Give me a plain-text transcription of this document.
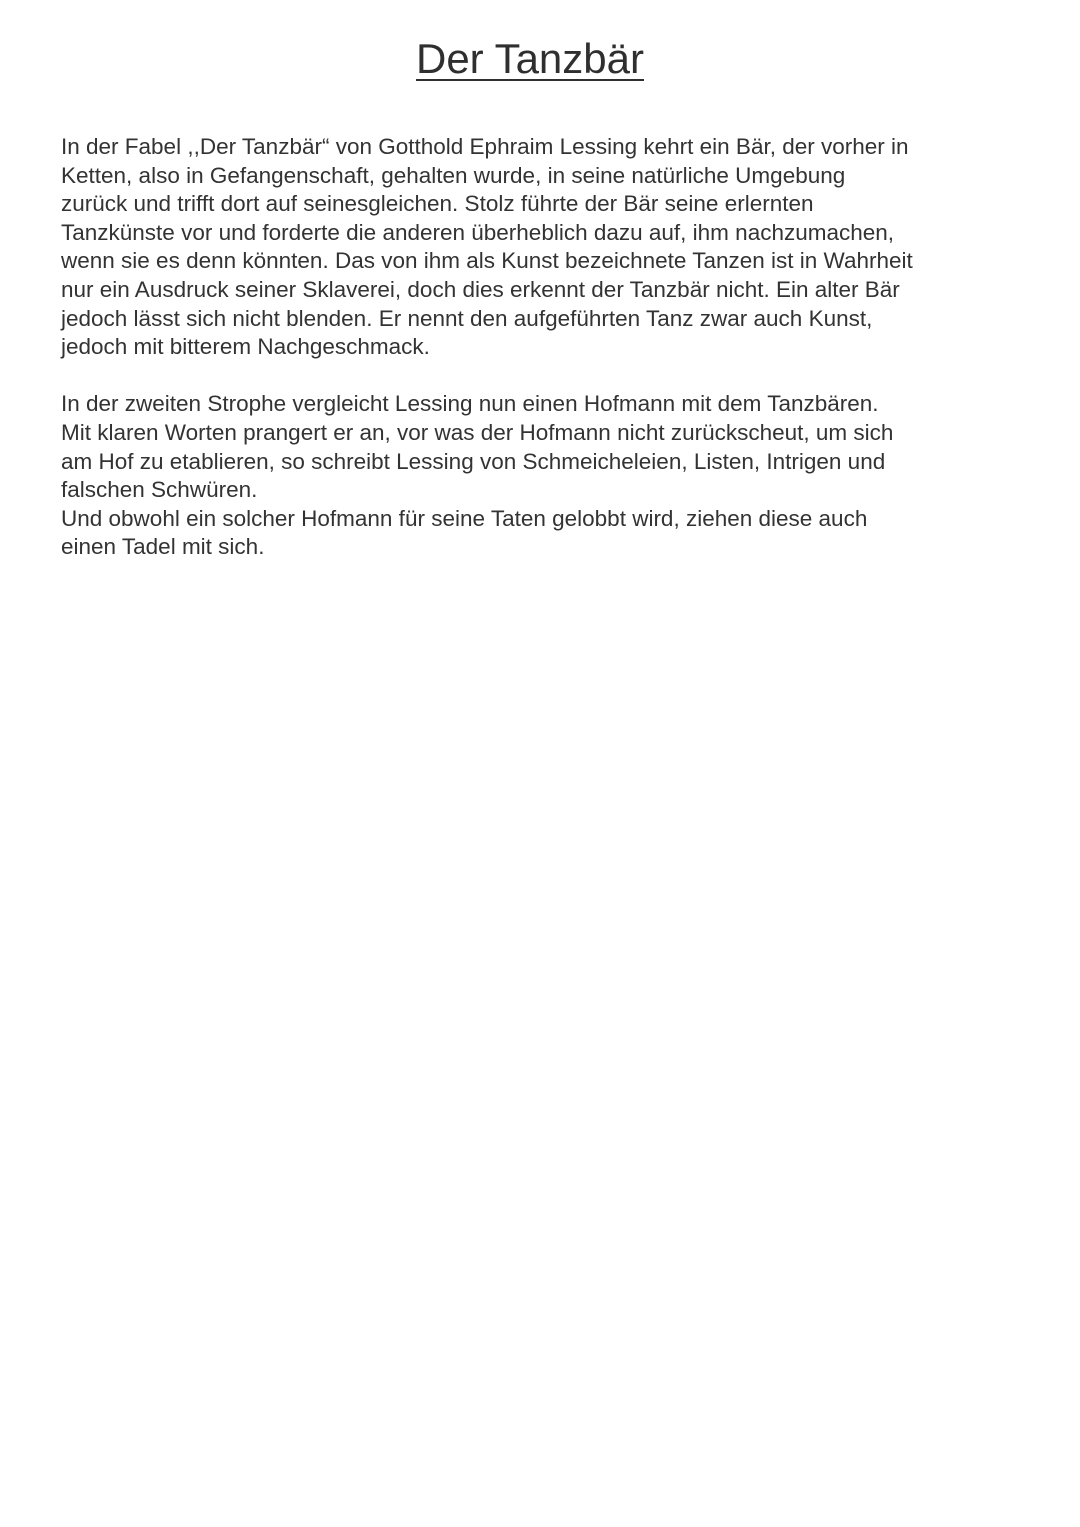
Der Tanzbär
In der Fabel ,,Der Tanzbär“ von Gotthold Ephraim Lessing kehrt ein Bär, der vorher in
Ketten, also in Gefangenschaft, gehalten wurde, in seine natürliche Umgebung
zurück und trifft dort auf seinesgleichen. Stolz führte der Bär seine erlernten
Tanzkünste vor und forderte die anderen überheblich dazu auf, ihm nachzumachen,
wenn sie es denn könnten. Das von ihm als Kunst bezeichnete Tanzen ist in Wahrheit
nur ein Ausdruck seiner Sklaverei, doch dies erkennt der Tanzbär nicht. Ein alter Bär
jedoch lässt sich nicht blenden. Er nennt den aufgeführten Tanz zwar auch Kunst,
jedoch mit bitterem Nachgeschmack.
In der zweiten Strophe vergleicht Lessing nun einen Hofmann mit dem Tanzbären.
Mit klaren Worten prangert er an, vor was der Hofmann nicht zurückscheut, um sich
am Hof zu etablieren, so schreibt Lessing von Schmeicheleien, Listen, Intrigen und
falschen Schwüren.
Und obwohl ein solcher Hofmann für seine Taten gelobbt wird, ziehen diese auch
einen Tadel mit sich.
